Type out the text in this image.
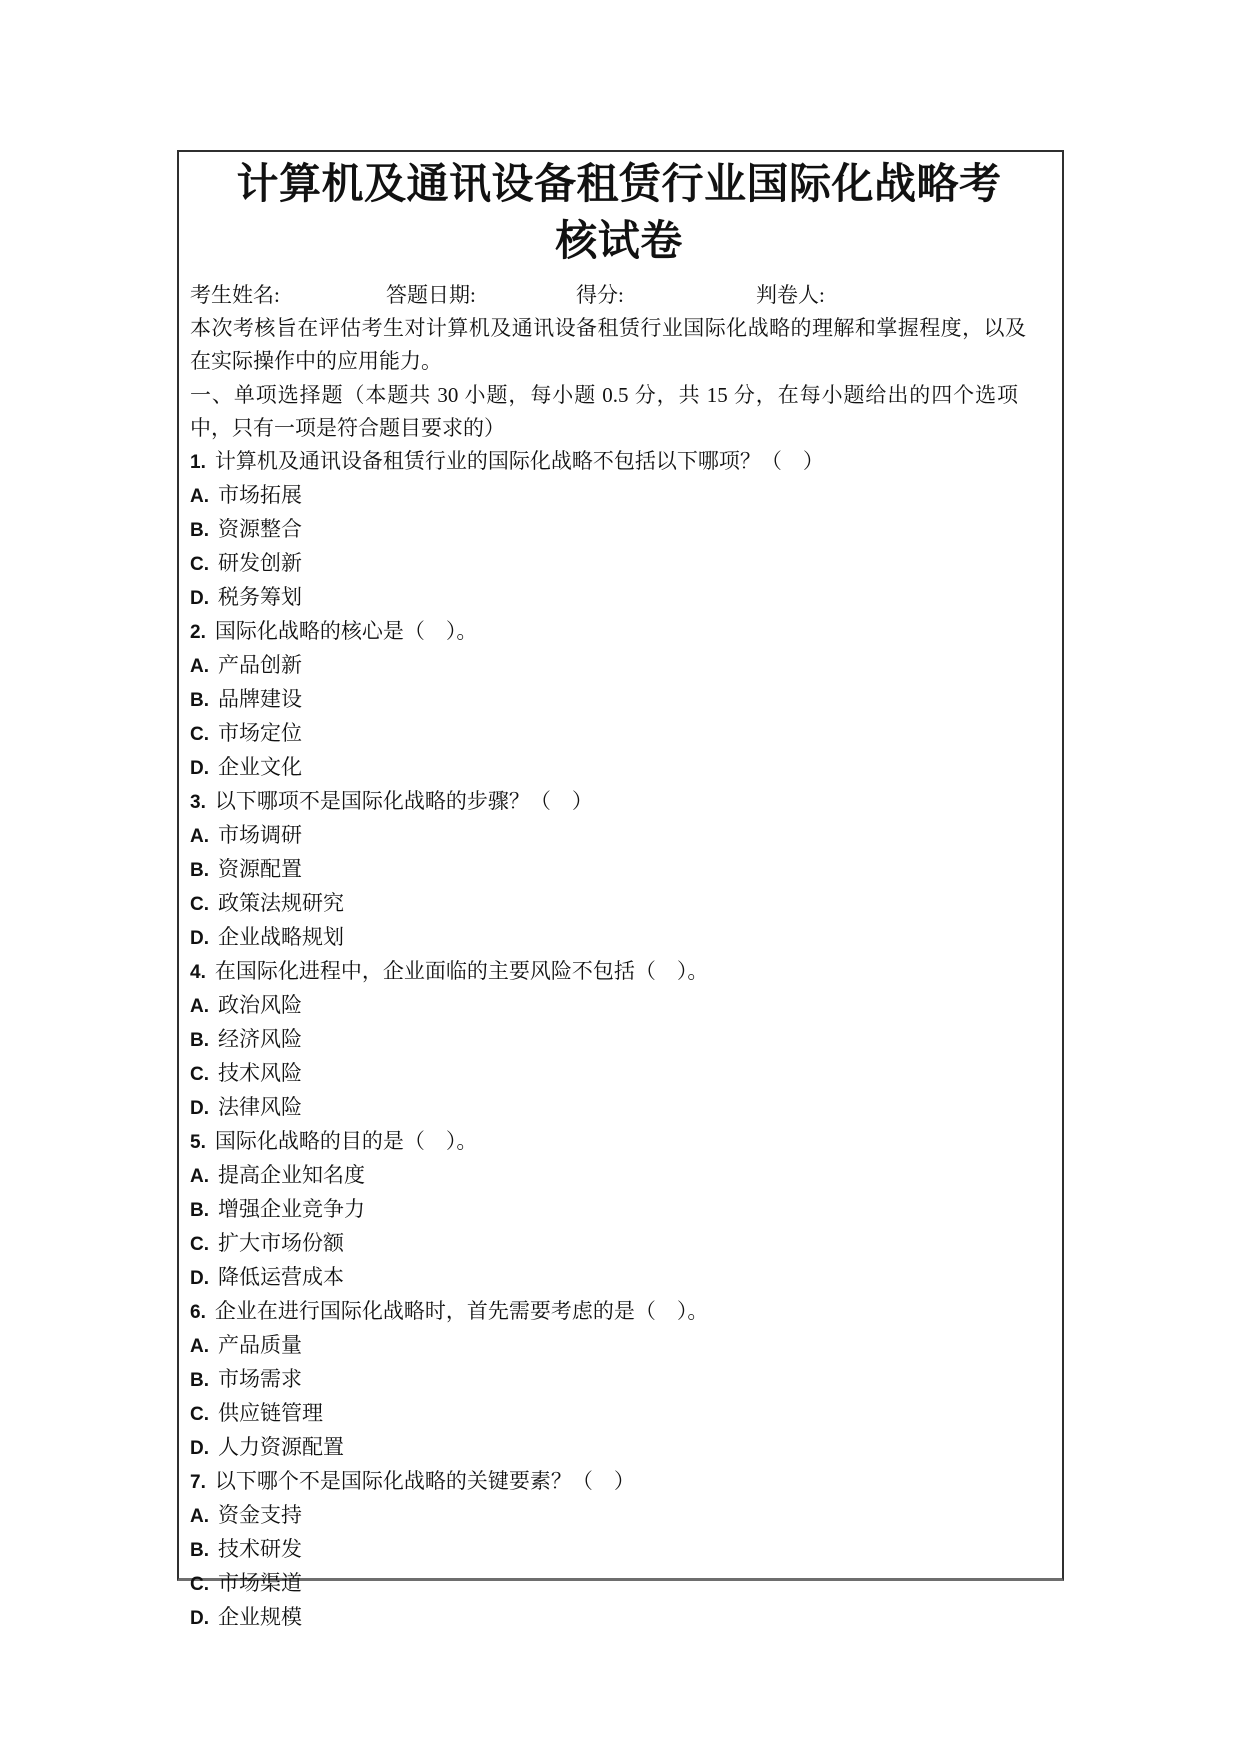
计算机及通讯设备租赁行业国际化战略考核试卷
考生姓名:	答题日期:	得分:	判卷人:
本次考核旨在评估考生对计算机及通讯设备租赁行业国际化战略的理解和掌握程度，以及在实际操作中的应用能力。
一、单项选择题（本题共 30 小题，每小题 0.5 分，共 15 分，在每小题给出的四个选项中，只有一项是符合题目要求的）
1. 计算机及通讯设备租赁行业的国际化战略不包括以下哪项？（　）
A. 市场拓展
B. 资源整合
C. 研发创新
D. 税务筹划
2. 国际化战略的核心是（　）。
A. 产品创新
B. 品牌建设
C. 市场定位
D. 企业文化
3. 以下哪项不是国际化战略的步骤？（　）
A. 市场调研
B. 资源配置
C. 政策法规研究
D. 企业战略规划
4. 在国际化进程中，企业面临的主要风险不包括（　）。
A. 政治风险
B. 经济风险
C. 技术风险
D. 法律风险
5. 国际化战略的目的是（　）。
A. 提高企业知名度
B. 增强企业竞争力
C. 扩大市场份额
D. 降低运营成本
6. 企业在进行国际化战略时，首先需要考虑的是（　）。
A. 产品质量
B. 市场需求
C. 供应链管理
D. 人力资源配置
7. 以下哪个不是国际化战略的关键要素？（　）
A. 资金支持
B. 技术研发
C. 市场渠道
D. 企业规模
